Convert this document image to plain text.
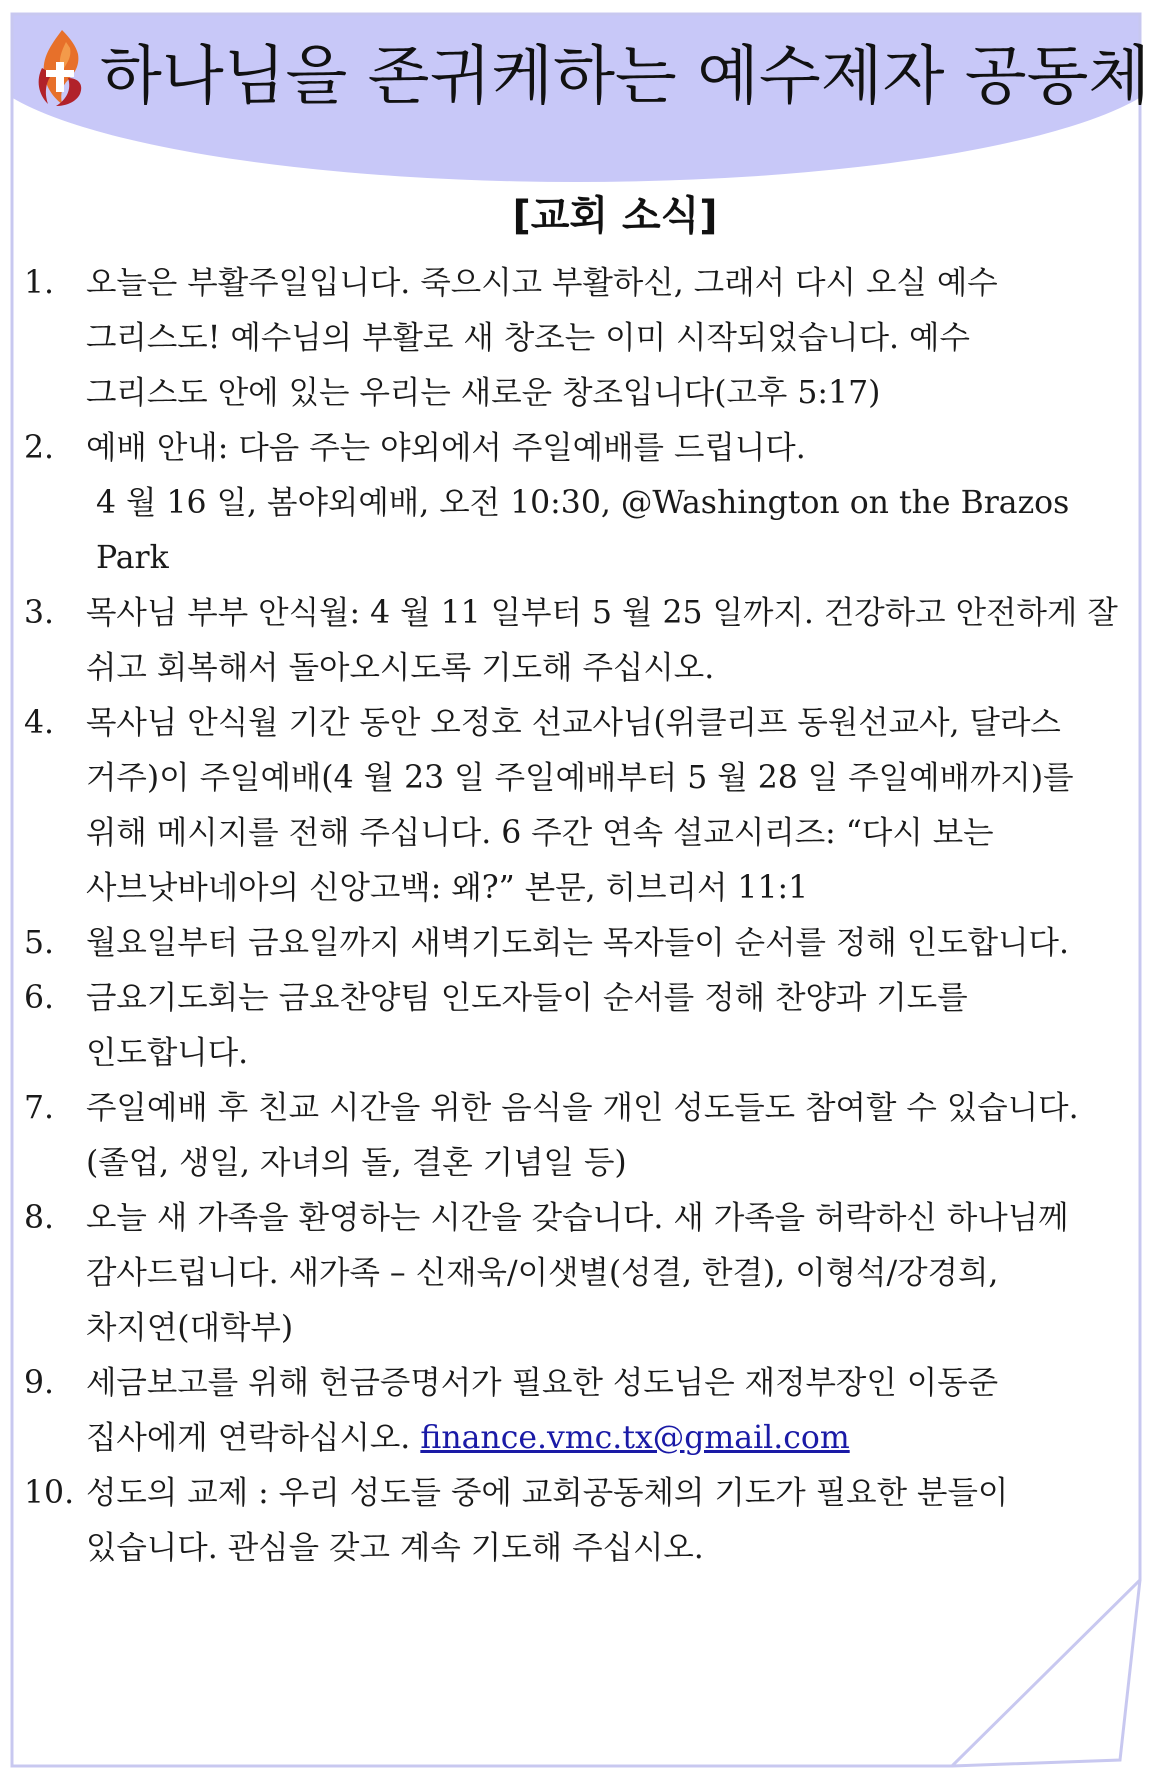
하나님을 존귀케하는 예수제자 공동체
[교회 소식]
1. 오늘은 부활주일입니다. 죽으시고 부활하신, 그래서 다시 오실 예수
그리스도! 예수님의 부활로 새 창조는 이미 시작되었습니다. 예수
그리스도 안에 있는 우리는 새로운 창조입니다(고후 5:17)
2. 예배 안내: 다음 주는 야외에서 주일예배를 드립니다.
4 월 16 일, 봄야외예배, 오전 10:30, @Washington on the Brazos
Park
3. 목사님 부부 안식월: 4 월 11 일부터 5 월 25 일까지. 건강하고 안전하게 잘
쉬고 회복해서 돌아오시도록 기도해 주십시오.
4. 목사님 안식월 기간 동안 오정호 선교사님(위클리프 동원선교사, 달라스
거주)이 주일예배(4 월 23 일 주일예배부터 5 월 28 일 주일예배까지)를
위해 메시지를 전해 주십니다. 6 주간 연속 설교시리즈: “다시 보는
사브낫바네아의 신앙고백: 왜?” 본문, 히브리서 11:1
5. 월요일부터 금요일까지 새벽기도회는 목자들이 순서를 정해 인도합니다.
6. 금요기도회는 금요찬양팀 인도자들이 순서를 정해 찬양과 기도를
인도합니다.
7. 주일예배 후 친교 시간을 위한 음식을 개인 성도들도 참여할 수 있습니다.
(졸업, 생일, 자녀의 돌, 결혼 기념일 등)
8. 오늘 새 가족을 환영하는 시간을 갖습니다. 새 가족을 허락하신 하나님께
감사드립니다. 새가족 – 신재욱/이샛별(성결, 한결), 이형석/강경희,
차지연(대학부)
9. 세금보고를 위해 헌금증명서가 필요한 성도님은 재정부장인 이동준
집사에게 연락하십시오. finance.vmc.tx@gmail.com
10. 성도의 교제 : 우리 성도들 중에 교회공동체의 기도가 필요한 분들이
있습니다. 관심을 갖고 계속 기도해 주십시오.
